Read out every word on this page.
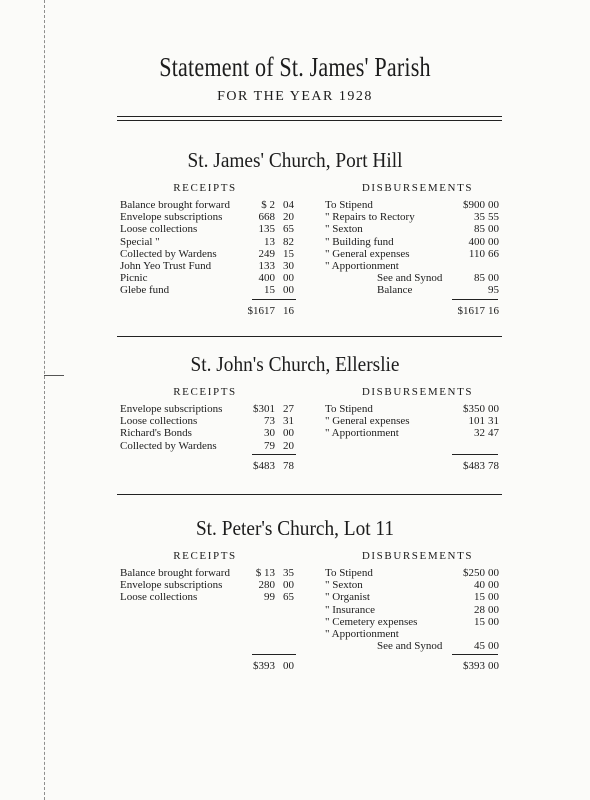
Statement of St. James' Parish
FOR THE YEAR 1928
St. James' Church, Port Hill
RECEIPTS	DISBURSEMENTS
Balance brought forward	$ 2 04
Envelope subscriptions	668 20
Loose collections	135 65
Special "	13 82
Collected by Wardens	249 15
John Yeo Trust Fund	133 30
Picnic	400 00
Glebe fund	15 00
To Stipend	$900 00
" Repairs to Rectory	35 55
" Sexton	85 00
" Building fund	400 00
" General expenses	110 66
" Apportionment
See and Synod	85 00
Balance	95
$1617 16	$1617 16
St. John's Church, Ellerslie
RECEIPTS	DISBURSEMENTS
Envelope subscriptions	$301 27
Loose collections	73 31
Richard's Bonds	30 00
Collected by Wardens	79 20
To Stipend	$350 00
" General expenses	101 31
" Apportionment	32 47
$483 78	$483 78
St. Peter's Church, Lot 11
RECEIPTS	DISBURSEMENTS
Balance brought forward $ 13 35
Envelope subscriptions	280 00
Loose collections	99 65
To Stipend	$250 00
" Sexton	40 00
" Organist	15 00
" Insurance	28 00
" Cemetery expenses	15 00
" Apportionment
See and Synod	45 00
$393 00	$393 00
